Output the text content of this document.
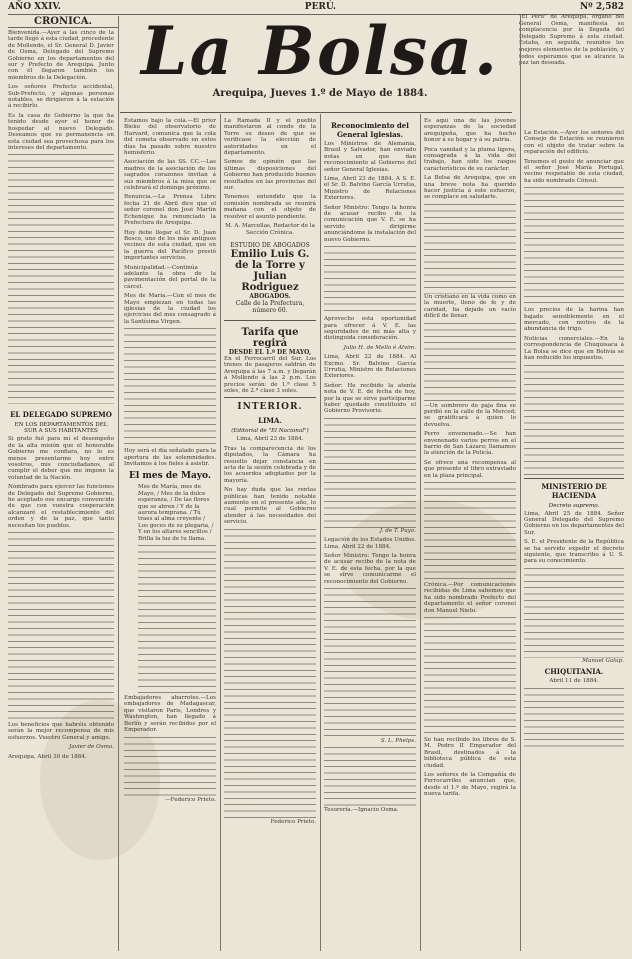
AÑO XXIV.	PERÚ.	Nº 2,582
CRONICA. La Bolsa.
Arequipa, Jueves 1.º de Mayo de 1884.
"El Perú" de Arequipa, órgano del General Osma, manifiesta su complacencia por la llegada del Delegado Supremo á esta ciudad. Estaba, en seguida, reunidos los mejores elementos de la población, y todos esperamos que se alcance la paz tan deseada.

Bienvenida.—Ayer á las cinco de la tarde llegó á esta ciudad, procedente de Mollendo, el Sr. General D. Javier de Osma, Delegado del Supremo Gobierno en los departamentos del sur y Prefecto de Arequipa. Junto con él llegaron también los miembros de la Delegación.

Los señores Prefecto accidental, Sub-Prefecto, y algunas personas notables, se dirigieron á la estación á recibirlo.

Es la casa de Gobierno la que ha tenido desde ayer el honor de hospedar al nuevo Delegado. Deseamos que su permanencia en esta ciudad sea provechosa para los intereses del departamento.

EL DELEGADO SUPREMO
EN LOS DEPARTAMENTOS DEL SUR A SUS HABITANTES

Si grato fué para mí el desempeño de la alta misión que el honorable Gobierno me confiara, no lo es menos presentarme hoy entre vosotros, mis conciudadanos, al cumplir el deber que me impone la voluntad de la Nación.

Nombrado para ejercer las funciones de Delegado del Supremo Gobierno, he aceptado ese encargo convencido de que con vuestra cooperación alcanzaré el restablecimiento del orden y de la paz, que tanto necesitan los pueblos.

Los beneficios que habréis obtenido serán la mejor recompensa de mis esfuerzos. Vuestro General y amigo.

Javier de Osma.

Arequipa, Abril 30 de 1884.

Estamos bajo la cola.—El prior Bieko del observatorio de Harvard, comunica que la cola del cometa observado en estos días ha pasado sobre nuestro hemisferio.

Asociación de las SS. CC.—Las madres de la asociación de los sagrados corazones invitan á sus miembros á la misa que se celebrará el domingo próximo.

Renuncia.—La Prensa Libre fecha 21 de Abril dice que el señor coronel don José Martín Echenique ha renunciado la Prefectura de Arequipa.

Hoy debe llegar el Sr. D. Juan Bosco, uno de los más antiguos vecinos de esta ciudad, que en la guerra del Pacífico prestó importantes servicios.

Municipalidad.—Continúa adelante la obra de la pavimentación del portal de la cárcel.

Mes de María.—Con el mes de Mayo empiezan en todas las iglesias de la ciudad los ejercicios del mes consagrado á la Santísima Virgen.

Hoy será el día señalado para la apertura de las solemnidades. Invitamos á los fieles á asistir.

El mes de Mayo.
Mes de María, mes de Mayo, / Mes de la dulce esperanza, / De las flores que se abren / Y de la aurora temprana. / Tú traes al alma creyente / Los goces de su plegaria, / Y en los altares sencillos / Brilla la luz de tu llama.

Embajadores abarrotes.—Los embajadores de Madagascar, que visitaron Paris, Londres y Washington, han llegado á Berlín y serán recibidos por el Emperador.

—Federico Prieto.

La Ramada II y el pueblo manifestaron al conde de la Torre su deseo de que se verificase la elección de autoridades en el departamento.

Somos de opinión que las últimas disposiciones del Gobierno han producido buenos resultados en las provincias del sur.

Tenemos entendido que la comisión nombrada se reunirá mañana con el objeto de resolver el asunto pendiente.

M. A. Marcellas, Redactor de la Sección Crónica.

ESTUDIO DE ABOGADOS
Emilio Luis G. de la Torre y Julian Rodriguez
ABOGADOS.
Calle de la Prefectura, número 60.
Tarifa que regirá
DESDE EL 1.º DE MAYO,

En el Ferrocarril del Sur. Los trenes de pasajeros saldrán de Arequipa á las 7 a.m. y llegarán á Mollendo á las 2 p.m. Los precios serán: de 1.ª clase 5 soles, de 2.ª clase 3 soles.

INTERIOR.
LIMA.
(Editorial de "El Nacional")

Lima, Abril 23 de 1884.

Tras la comparecencia de los diputados, la Cámara ha resuelto dejar constancia en acta de la sesión celebrada y de los acuerdos adoptados por la mayoría.

No hay duda que las rentas públicas han tenido notable aumento en el presente año, lo cual permite al Gobierno atender á las necesidades del servicio.

Federico Prieto.

Reconocimiento del General Iglesias.

Los Ministros de Alemania, Brasil y Salvador, han enviado notas en que dan reconocimiento al Gobierno del señor General Iglesias.

Lima, Abril 23 de 1884. A S. E. el Sr. D. Balvino García Urrutia, Ministro de Relaciones Exteriores.

Señor Ministro: Tengo la honra de acusar recibo de la comunicación que V. E. se ha servido dirigirme anunciándome la instalación del nuevo Gobierno.

Aprovecho esta oportunidad para ofrecer á V. E. las seguridades de mi más alta y distinguida consideración.

Julio H. de Mello é Alvim.

Lima, Abril 22 de 1884. Al Excmo. Sr. Balvino García Urrutia, Ministro de Relaciones Exteriores.

Señor: He recibido la atenta nota de V. E. de fecha de hoy, por la que se sirve participarme haber quedado constituido el Gobierno Provisorio.

J. de T. Puyo.

Legación de los Estados Unidos. Lima, Abril 22 de 1884.

Señor Ministro: Tengo la honra de acusar recibo de la nota de V. E. de esta fecha, por la que se sirve comunicarme el reconocimiento del Gobierno.

S. L. Phelps.

Tesorería.—Ignacio Osma.

Es aquí una de las jóvenes esperanzas de la sociedad arequipeña, que ha hecho honor á su hogar y á su patria.

Poca vanidad y la pluma ligera, consagrada á la vida del trabajo, han sido los rasgos característicos de su carácter.

La Bolsa de Arequipa, que en una breve nota ha querido hacer justicia á este esfuerzo, se complace en saludarle.

Un cristiano en la vida como en la muerte, lleno de fe y de caridad, ha dejado un vacío difícil de llenar.

—Un sombrero de paja fina se perdió en la calle de la Merced; se gratificará á quien lo devuelva.

Perro envenenado.—Se han envenenado varios perros en el barrio de San Lázaro; llamamos la atención de la Policía.

Se ofrece una recompensa al que presente el libro extraviado en la plaza principal.

Crónica.—Por comunicaciones recibidas de Lima sabemos que ha sido nombrado Prefecto del departamento el señor coronel don Manuel Nieto.

Se han recibido los libros de S. M. Pedro II Emperador del Brasil, destinados á la biblioteca pública de esta ciudad.

Los señores de la Compañía de Ferrocarriles anuncian que, desde el 1.º de Mayo, regirá la nueva tarifa.

La Estación.—Ayer los señores del Consejo de Estación se reunieron con el objeto de tratar sobre la reparación del edificio.

Tenemos el gusto de anunciar que el señor José María Portugal, vecino respetable de esta ciudad, ha sido nombrado Cónsul.

Los precios de la harina han bajado sensiblemente en el mercado, con motivo de la abundancia de trigo.

Noticias comerciales.—En la correspondencia de Chuquisaca á La Bolsa se dice que en Bolivia se han reducido los impuestos.

MINISTERIO DE HACIENDA
Decreto supremo.

Lima, Abril 25 de 1884. Señor General Delegado del Supremo Gobierno en los departamentos del Sur.

S. E. el Presidente de la República se ha servido expedir el decreto siguiente, que transcribo á U. S. para su conocimiento.

Manuel Galup.

CHIQUITANIA.

Abril 11 de 1884.
